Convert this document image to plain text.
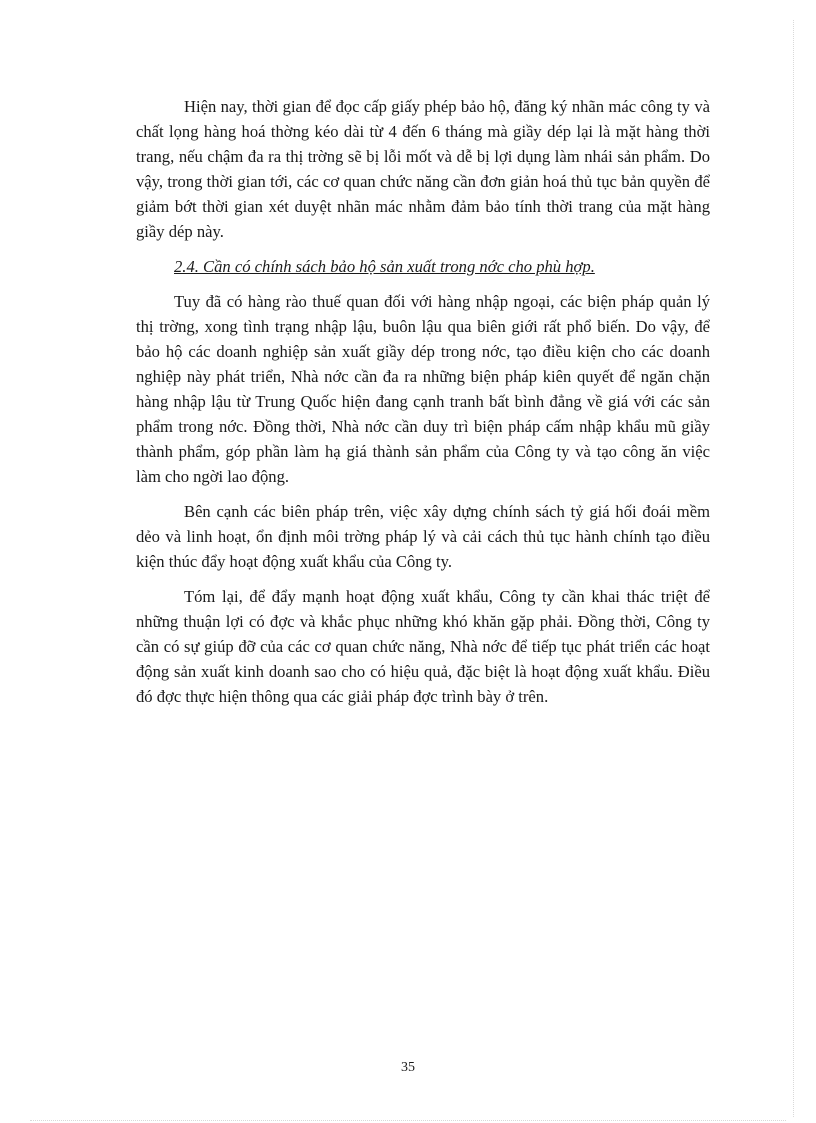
Hiện nay, thời gian để đọc cấp giấy phép bảo hộ, đăng ký nhãn mác công ty và chất lọng hàng hoá thờng kéo dài từ 4 đến 6 tháng mà giầy dép lại là mặt hàng thời trang, nếu chậm đa ra thị trờng sẽ bị lỗi mốt và dễ bị lợi dụng làm nhái sản phẩm. Do vậy, trong thời gian tới, các cơ quan chức năng cần đơn giản hoá thủ tục bản quyền để giảm bớt thời gian xét duyệt nhãn mác nhằm đảm bảo tính thời trang của mặt hàng giầy dép này.

2.4. Cần có chính sách bảo hộ sản xuất trong nớc cho phù hợp.

Tuy đã có hàng rào thuế quan đối với hàng nhập ngoại, các biện pháp quản lý thị trờng, xong tình trạng nhập lậu, buôn lậu qua biên giới rất phổ biến. Do vậy, để bảo hộ các doanh nghiệp sản xuất giầy dép trong nớc, tạo điều kiện cho các doanh nghiệp này phát triển, Nhà nớc cần đa ra những biện pháp kiên quyết để ngăn chặn hàng nhập lậu từ Trung Quốc hiện đang cạnh tranh bất bình đẳng về giá với các sản phẩm trong nớc. Đồng thời, Nhà nớc cần duy trì biện pháp cấm nhập khẩu mũ giầy thành phẩm, góp phần làm hạ giá thành sản phẩm của Công ty và tạo công ăn việc làm cho ngời lao động.

Bên cạnh các biên pháp trên, việc xây dựng chính sách tỷ giá hối đoái mềm dẻo và linh hoạt, ổn định môi trờng pháp lý và cải cách thủ tục hành chính tạo điều kiện thúc đẩy hoạt động xuất khẩu của Công ty.

Tóm lại, để đẩy mạnh hoạt động xuất khẩu, Công ty cần khai thác triệt để những thuận lợi có đợc và khắc phục những khó khăn gặp phải. Đồng thời, Công ty cần có sự giúp đỡ của các cơ quan chức năng, Nhà nớc để tiếp tục phát triển các hoạt động sản xuất kinh doanh sao cho có hiệu quả, đặc biệt là hoạt động xuất khẩu. Điều đó đợc thực hiện thông qua các giải pháp đợc trình bày ở trên.

35
